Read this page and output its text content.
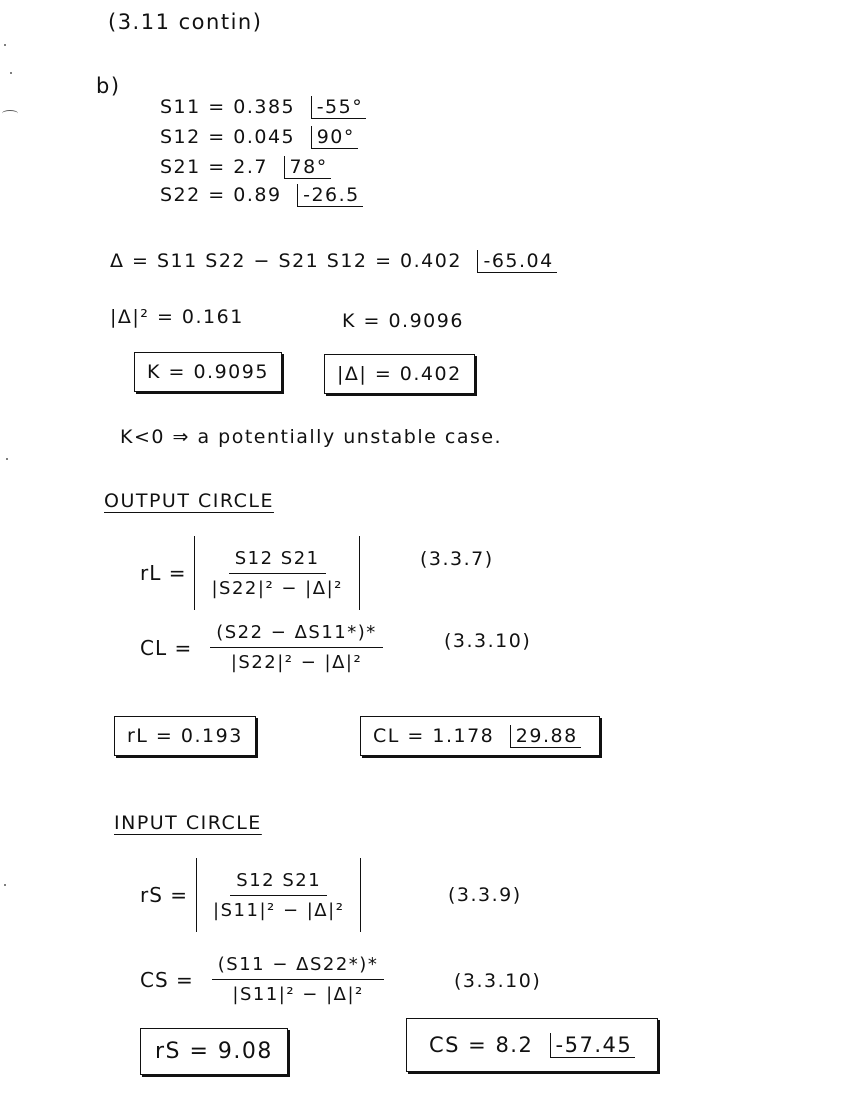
(3.11 contin)
b)
S11 = 0.385 -55°
S12 = 0.045 90°
S21 = 2.7 78°
S22 = 0.89 -26.5
Δ = S11 S22 − S21 S12 = 0.402 -65.04
|Δ|² = 0.161	K = 0.9096
K = 0.9095	|Δ| = 0.402
K<0 ⇒ a potentially unstable case.
OUTPUT CIRCLE
rL = $\frac{S12 S21}{\text{|S22|² − |Δ|²}}$	(3.3.7)
CL = $\frac{(S22 - \Delta S11*)*}{\text{|S22|² − |Δ|²}}$	(3.3.10)
rL = 0.193	CL = 1.178 29.88
INPUT CIRCLE
rS = $\frac{S12 S21}{\text{|S11|² − |Δ|²}}$	(3.3.9)
CS = $\frac{(S11 - \Delta S22*)*}{\text{|S11|² − |Δ|²}}$	(3.3.10)
rS = 9.08	CS = 8.2 -57.45
